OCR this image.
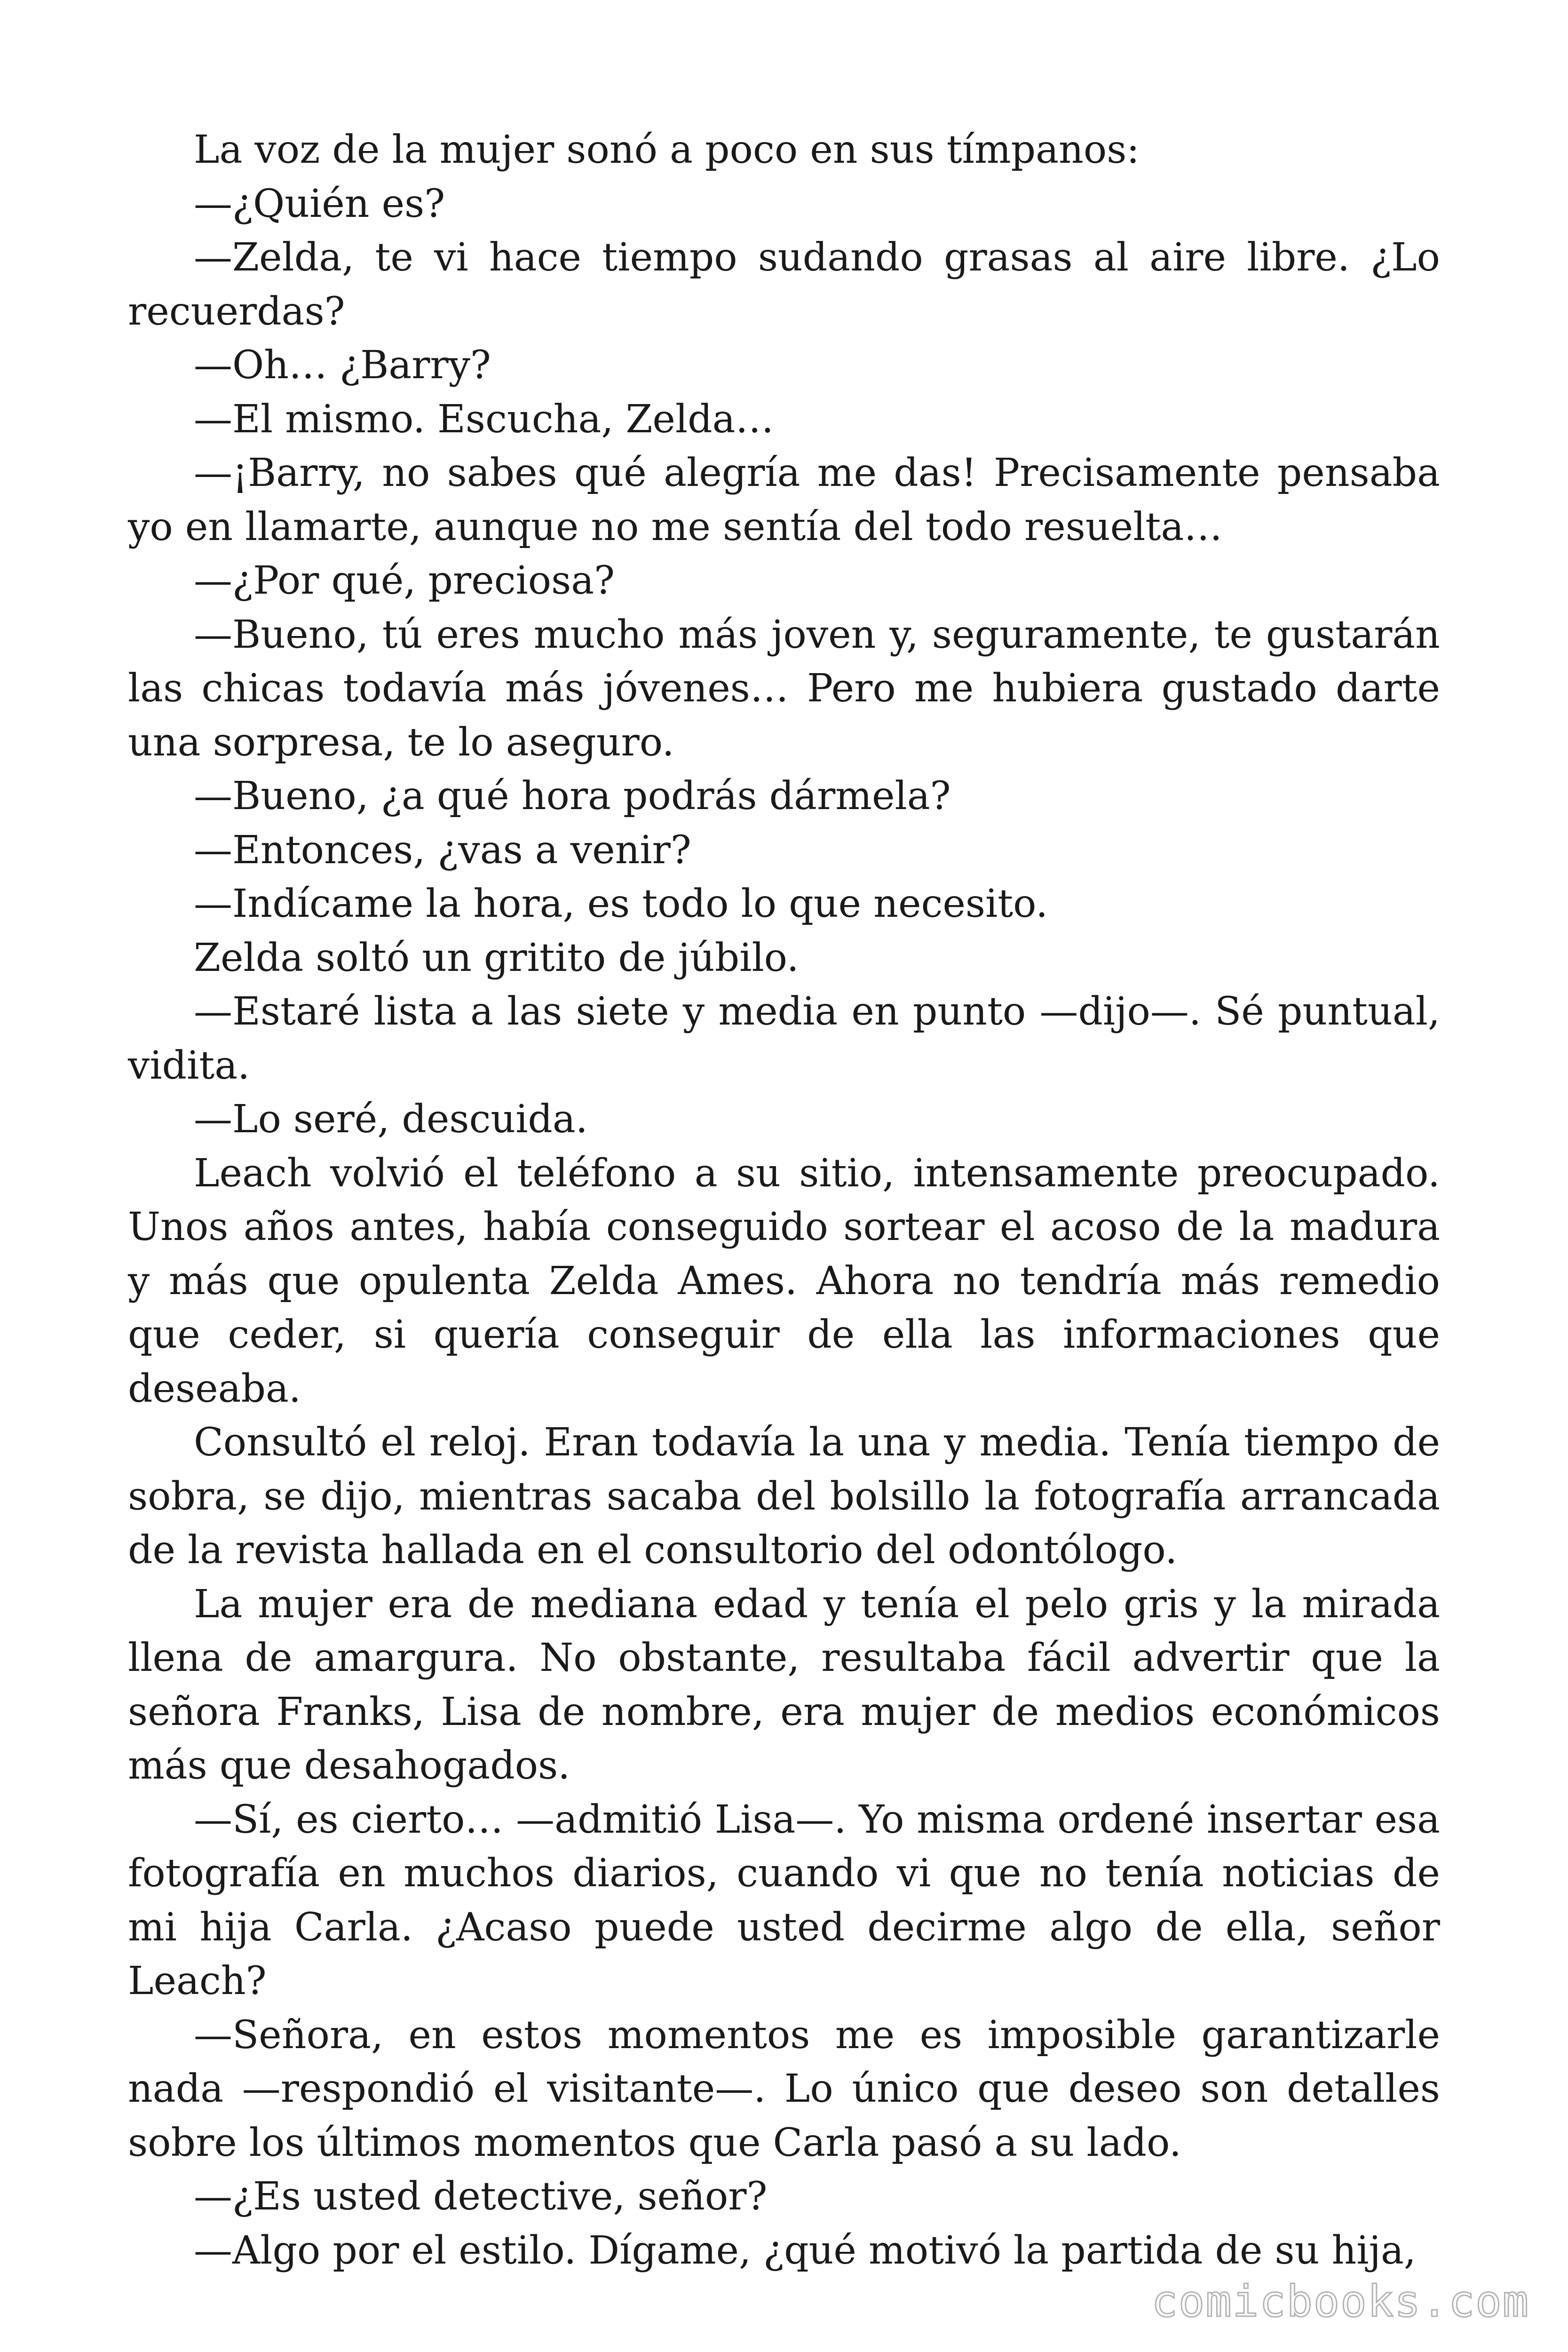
La voz de la mujer sonó a poco en sus tímpanos:

—¿Quién es?

—Zelda, te vi hace tiempo sudando grasas al aire libre. ¿Lo recuerdas?

—Oh… ¿Barry?

—El mismo. Escucha, Zelda…

—¡Barry, no sabes qué alegría me das! Precisamente pensaba yo en llamarte, aunque no me sentía del todo resuelta…

—¿Por qué, preciosa?

—Bueno, tú eres mucho más joven y, seguramente, te gustarán las chicas todavía más jóvenes… Pero me hubiera gustado darte una sorpresa, te lo aseguro.

—Bueno, ¿a qué hora podrás dármela?

—Entonces, ¿vas a venir?

—Indícame la hora, es todo lo que necesito.

Zelda soltó un gritito de júbilo.

—Estaré lista a las siete y media en punto —dijo—. Sé puntual, vidita.

—Lo seré, descuida.

Leach volvió el teléfono a su sitio, intensamente preocupado. Unos años antes, había conseguido sortear el acoso de la madura y más que opulenta Zelda Ames. Ahora no tendría más remedio que ceder, si quería conseguir de ella las informaciones que deseaba.

Consultó el reloj. Eran todavía la una y media. Tenía tiempo de sobra, se dijo, mientras sacaba del bolsillo la fotografía arrancada de la revista hallada en el consultorio del odontólogo.

La mujer era de mediana edad y tenía el pelo gris y la mirada llena de amargura. No obstante, resultaba fácil advertir que la señora Franks, Lisa de nombre, era mujer de medios económicos más que desahogados.

—Sí, es cierto… —admitió Lisa—. Yo misma ordené insertar esa fotografía en muchos diarios, cuando vi que no tenía noticias de mi hija Carla. ¿Acaso puede usted decirme algo de ella, señor Leach?

—Señora, en estos momentos me es imposible garantizarle nada —respondió el visitante—. Lo único que deseo son detalles sobre los últimos momentos que Carla pasó a su lado.

—¿Es usted detective, señor?

—Algo por el estilo. Dígame, ¿qué motivó la partida de su hija,

comicbooks.com
